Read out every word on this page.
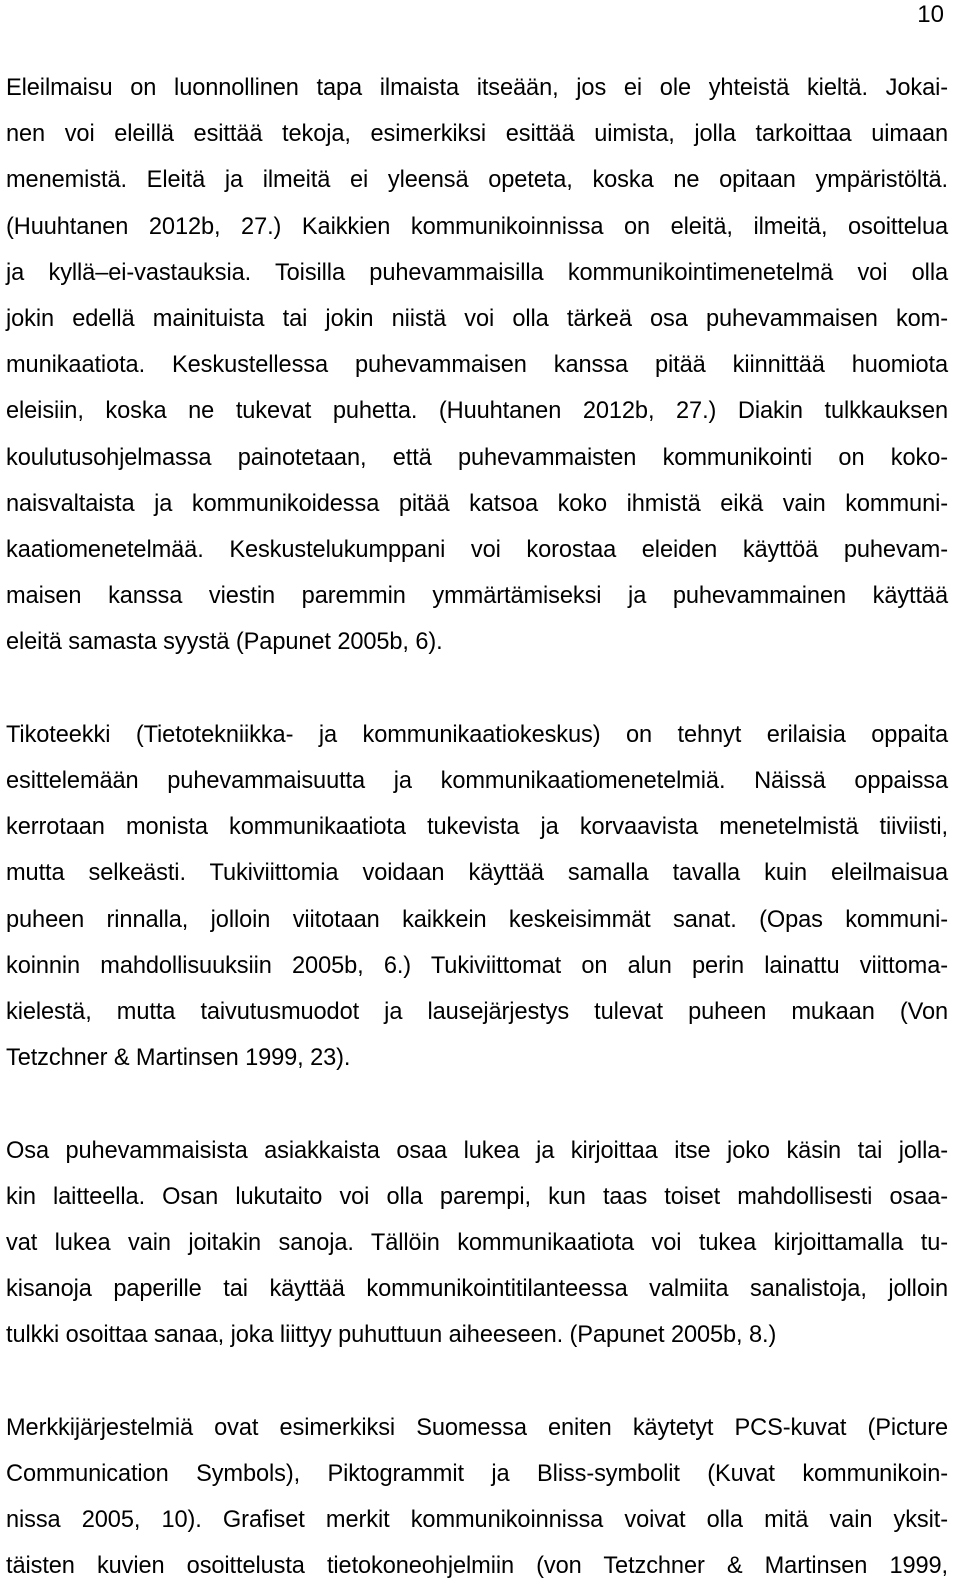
10

Eleilmaisu on luonnollinen tapa ilmaista itseään, jos ei ole yhteistä kieltä. Jokai-
nen voi eleillä esittää tekoja, esimerkiksi esittää uimista, jolla tarkoittaa uimaan
menemistä. Eleitä ja ilmeitä ei yleensä opeteta, koska ne opitaan ympäristöltä.
(Huuhtanen 2012b, 27.) Kaikkien kommunikoinnissa on eleitä, ilmeitä, osoittelua
ja kyllä–ei-vastauksia. Toisilla puhevammaisilla kommunikointimenetelmä voi olla
jokin edellä mainituista tai jokin niistä voi olla tärkeä osa puhevammaisen kom-
munikaatiota. Keskustellessa puhevammaisen kanssa pitää kiinnittää huomiota
eleisiin, koska ne tukevat puhetta. (Huuhtanen 2012b, 27.) Diakin tulkkauksen
koulutusohjelmassa painotetaan, että puhevammaisten kommunikointi on koko-
naisvaltaista ja kommunikoidessa pitää katsoa koko ihmistä eikä vain kommuni-
kaatiomenetelmää. Keskustelukumppani voi korostaa eleiden käyttöä puhevam-
maisen kanssa viestin paremmin ymmärtämiseksi ja puhevammainen käyttää
eleitä samasta syystä (Papunet 2005b, 6).

Tikoteekki (Tietotekniikka- ja kommunikaatiokeskus) on tehnyt erilaisia oppaita
esittelemään puhevammaisuutta ja kommunikaatiomenetelmiä. Näissä oppaissa
kerrotaan monista kommunikaatiota tukevista ja korvaavista menetelmistä tiiviisti,
mutta selkeästi. Tukiviittomia voidaan käyttää samalla tavalla kuin eleilmaisua
puheen rinnalla, jolloin viitotaan kaikkein keskeisimmät sanat. (Opas kommuni-
koinnin mahdollisuuksiin 2005b, 6.) Tukiviittomat on alun perin lainattu viittoma-
kielestä, mutta taivutusmuodot ja lausejärjestys tulevat puheen mukaan (Von
Tetzchner & Martinsen 1999, 23).

Osa puhevammaisista asiakkaista osaa lukea ja kirjoittaa itse joko käsin tai jolla-
kin laitteella. Osan lukutaito voi olla parempi, kun taas toiset mahdollisesti osaa-
vat lukea vain joitakin sanoja. Tällöin kommunikaatiota voi tukea kirjoittamalla tu-
kisanoja paperille tai käyttää kommunikointitilanteessa valmiita sanalistoja, jolloin
tulkki osoittaa sanaa, joka liittyy puhuttuun aiheeseen. (Papunet 2005b, 8.)

Merkkijärjestelmiä ovat esimerkiksi Suomessa eniten käytetyt PCS-kuvat (Picture
Communication Symbols), Piktogrammit ja Bliss-symbolit (Kuvat kommunikoin-
nissa 2005, 10). Grafiset merkit kommunikoinnissa voivat olla mitä vain yksit-
täisten kuvien osoittelusta tietokoneohjelmiin (von Tetzchner & Martinsen 1999,
